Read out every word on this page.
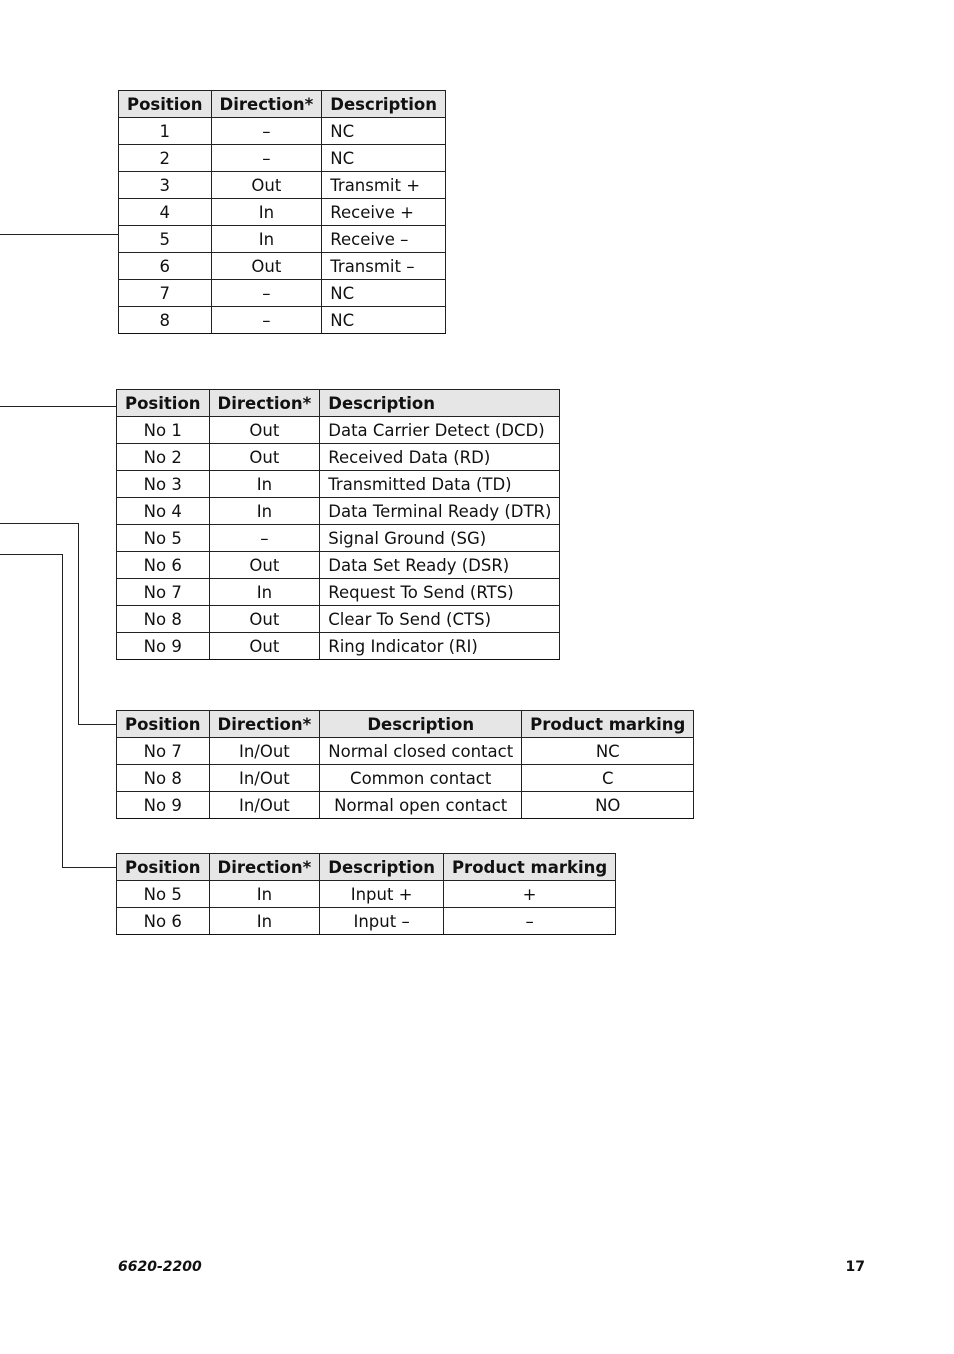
Position	Direction*	Description
1	–	NC
2	–	NC
3	Out	Transmit +
4	In	Receive +
5	In	Receive –
6	Out	Transmit –
7	–	NC
8	–	NC
Position	Direction*	Description
No 1	Out	Data Carrier Detect (DCD)
No 2	Out	Received Data (RD)
No 3	In	Transmitted Data (TD)
No 4	In	Data Terminal Ready (DTR)
No 5	–	Signal Ground (SG)
No 6	Out	Data Set Ready (DSR)
No 7	In	Request To Send (RTS)
No 8	Out	Clear To Send (CTS)
No 9	Out	Ring Indicator (RI)
Position	Direction*	Description	Product marking
No 7	In/Out	Normal closed contact	NC
No 8	In/Out	Common contact	C
No 9	In/Out	Normal open contact	NO
Position	Direction*	Description	Product marking
No 5	In	Input +	+
No 6	In	Input –	–
6620-2200	17
